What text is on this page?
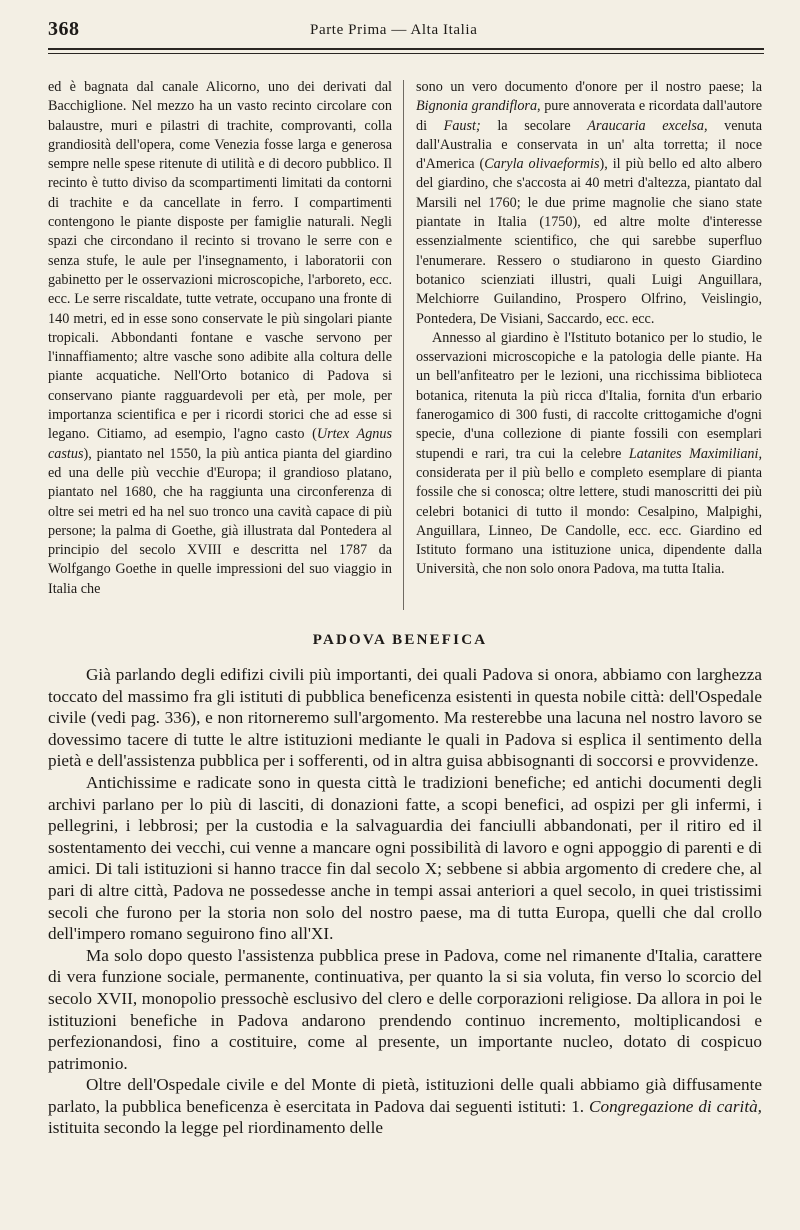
368	Parte Prima — Alta Italia

ed è bagnata dal canale Alicorno, uno dei derivati dal Bacchiglione. Nel mezzo ha un vasto recinto circolare con balaustre, muri e pilastri di trachite, comprovanti, colla grandiosità dell'opera, come Venezia fosse larga e generosa sempre nelle spese ritenute di utilità e di decoro pubblico. Il recinto è tutto diviso da scompartimenti limitati da contorni di trachite e da cancellate in ferro. I compartimenti contengono le piante disposte per famiglie naturali. Negli spazi che circondano il recinto si trovano le serre con e senza stufe, le aule per l'insegnamento, i laboratorii con gabinetto per le osservazioni microscopiche, l'arboreto, ecc. ecc. Le serre riscaldate, tutte vetrate, occupano una fronte di 140 metri, ed in esse sono conservate le più singolari piante tropicali. Abbondanti fontane e vasche servono per l'innaffiamento; altre vasche sono adibite alla coltura delle piante acquatiche. Nell'Orto botanico di Padova si conservano piante ragguardevoli per età, per mole, per importanza scientifica e per i ricordi storici che ad esse si legano. Citiamo, ad esempio, l'agno casto (Urtex Agnus castus), piantato nel 1550, la più antica pianta del giardino ed una delle più vecchie d'Europa; il grandioso platano, piantato nel 1680, che ha raggiunta una circonferenza di oltre sei metri ed ha nel suo tronco una cavità capace di più persone; la palma di Goethe, già illustrata dal Pontedera al principio del secolo XVIII e descritta nel 1787 da Wolfgango Goethe in quelle impressioni del suo viaggio in Italia che

sono un vero documento d'onore per il nostro paese; la Bignonia grandiflora, pure annoverata e ricordata dall'autore di Faust; la secolare Araucaria excelsa, venuta dall'Australia e conservata in un' alta torretta; il noce d'America (Caryla olivaeformis), il più bello ed alto albero del giardino, che s'accosta ai 40 metri d'altezza, piantato dal Marsili nel 1760; le due prime magnolie che siano state piantate in Italia (1750), ed altre molte d'interesse essenzialmente scientifico, che qui sarebbe superfluo l'enumerare. Ressero o studiarono in questo Giardino botanico scienziati illustri, quali Luigi Anguillara, Melchiorre Guilandino, Prospero Olfrino, Veislingio, Pontedera, De Visiani, Saccardo, ecc. ecc.

Annesso al giardino è l'Istituto botanico per lo studio, le osservazioni microscopiche e la patologia delle piante. Ha un bell'anfiteatro per le lezioni, una ricchissima biblioteca botanica, ritenuta la più ricca d'Italia, fornita d'un erbario fanerogamico di 300 fusti, di raccolte crittogamiche d'ogni specie, d'una collezione di piante fossili con esemplari stupendi e rari, tra cui la celebre Latanites Maximiliani, considerata per il più bello e completo esemplare di pianta fossile che si conosca; oltre lettere, studi manoscritti dei più celebri botanici di tutto il mondo: Cesalpino, Malpighi, Anguillara, Linneo, De Candolle, ecc. ecc. Giardino ed Istituto formano una istituzione unica, dipendente dalla Università, che non solo onora Padova, ma tutta Italia.

PADOVA BENEFICA

Già parlando degli edifizi civili più importanti, dei quali Padova si onora, abbiamo con larghezza toccato del massimo fra gli istituti di pubblica beneficenza esistenti in questa nobile città: dell'Ospedale civile (vedi pag. 336), e non ritorneremo sull'argomento. Ma resterebbe una lacuna nel nostro lavoro se dovessimo tacere di tutte le altre istituzioni mediante le quali in Padova si esplica il sentimento della pietà e dell'assistenza pubblica per i sofferenti, od in altra guisa abbisognanti di soccorsi e provvidenze.

Antichissime e radicate sono in questa città le tradizioni benefiche; ed antichi documenti degli archivi parlano per lo più di lasciti, di donazioni fatte, a scopi benefici, ad ospizi per gli infermi, i pellegrini, i lebbrosi; per la custodia e la salvaguardia dei fanciulli abbandonati, per il ritiro ed il sostentamento dei vecchi, cui venne a mancare ogni possibilità di lavoro e ogni appoggio di parenti e di amici. Di tali istituzioni si hanno tracce fin dal secolo X; sebbene si abbia argomento di credere che, al pari di altre città, Padova ne possedesse anche in tempi assai anteriori a quel secolo, in quei tristissimi secoli che furono per la storia non solo del nostro paese, ma di tutta Europa, quelli che dal crollo dell'impero romano seguirono fino all'XI.

Ma solo dopo questo l'assistenza pubblica prese in Padova, come nel rimanente d'Italia, carattere di vera funzione sociale, permanente, continuativa, per quanto la si sia voluta, fin verso lo scorcio del secolo XVII, monopolio pressochè esclusivo del clero e delle corporazioni religiose. Da allora in poi le istituzioni benefiche in Padova andarono prendendo continuo incremento, moltiplicandosi e perfezionandosi, fino a costituire, come al presente, un importante nucleo, dotato di cospicuo patrimonio.

Oltre dell'Ospedale civile e del Monte di pietà, istituzioni delle quali abbiamo già diffusamente parlato, la pubblica beneficenza è esercitata in Padova dai seguenti istituti: 1. Congregazione di carità, istituita secondo la legge pel riordinamento delle
